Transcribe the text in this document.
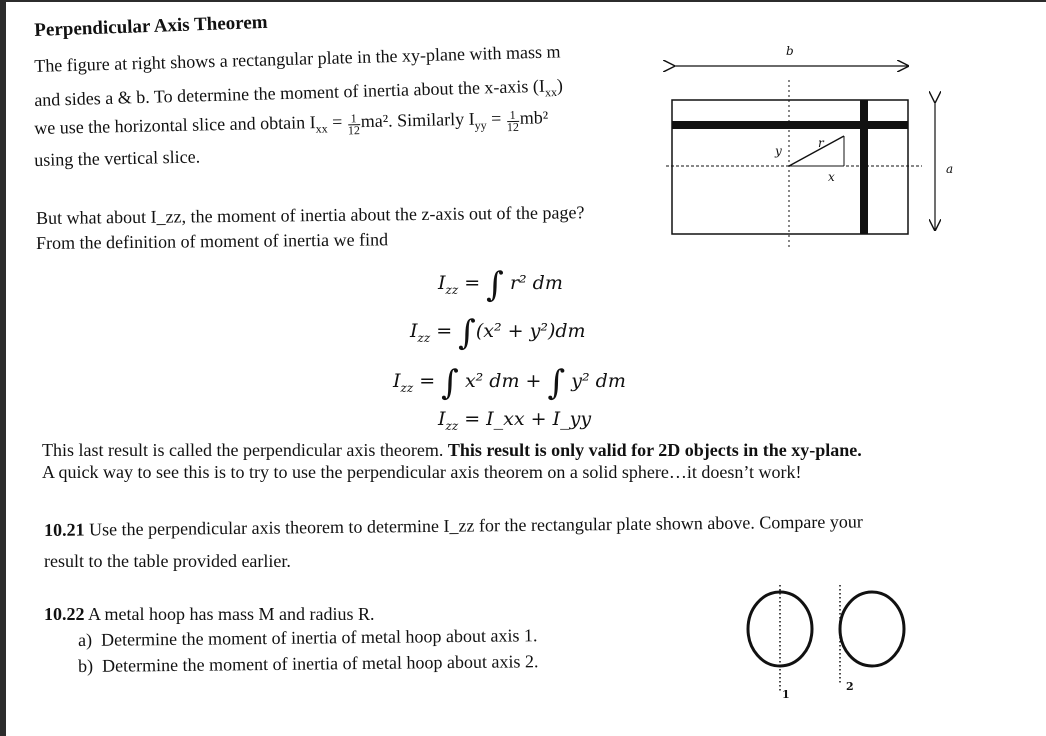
Perpendicular Axis Theorem
The figure at right shows a rectangular plate in the xy-plane with mass m
and sides a & b. To determine the moment of inertia about the x-axis $(I_{xx})$
we use the horizontal slice and obtain $I_{xx} = \frac{1}{12} ma^2$. Similarly $I_{yy} = \frac{1}{12} mb^2$
using the vertical slice.
But what about I_zz, the moment of inertia about the z-axis out of the page?
From the definition of moment of inertia we find
$I_{zz}$ = ∫ r² dm
$I_{zz} = \int(x^2 + y^2)dm$
$I_{zz}$ = ∫ x² dm + ∫ y² dm
$I_{zz}$ = I_xx + I_yy
This last result is called the perpendicular axis theorem. This result is only valid for 2D objects in the xy-plane.
A quick way to see this is to try to use the perpendicular axis theorem on a solid sphere…it doesn’t work!
10.21 Use the perpendicular axis theorem to determine I_zz for the rectangular plate shown above. Compare your
result to the table provided earlier.
10.22 A metal hoop has mass M and radius R.
a) Determine the moment of inertia of metal hoop about axis 1.
b) Determine the moment of inertia of metal hoop about axis 2.
b
a
r
x
y
1
2
